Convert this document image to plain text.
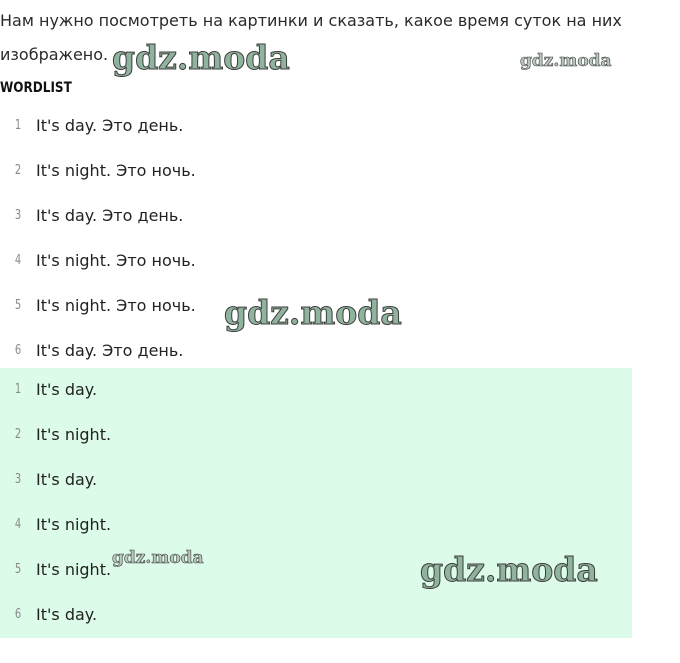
Нам нужно посмотреть на картинки и сказать, какое время суток на них изображено.

WORDLIST
1 It's day. Это день.
2 It's night. Это ночь.
3 It's day. Это день.
4 It's night. Это ночь.
5 It's night. Это ночь.
6 It's day. Это день.
1 It's day.
2 It's night.
3 It's day.
4 It's night.
5 It's night.
6 It's day.
gdz.moda	gdz.moda
gdz.moda
gdz.moda	gdz.moda
